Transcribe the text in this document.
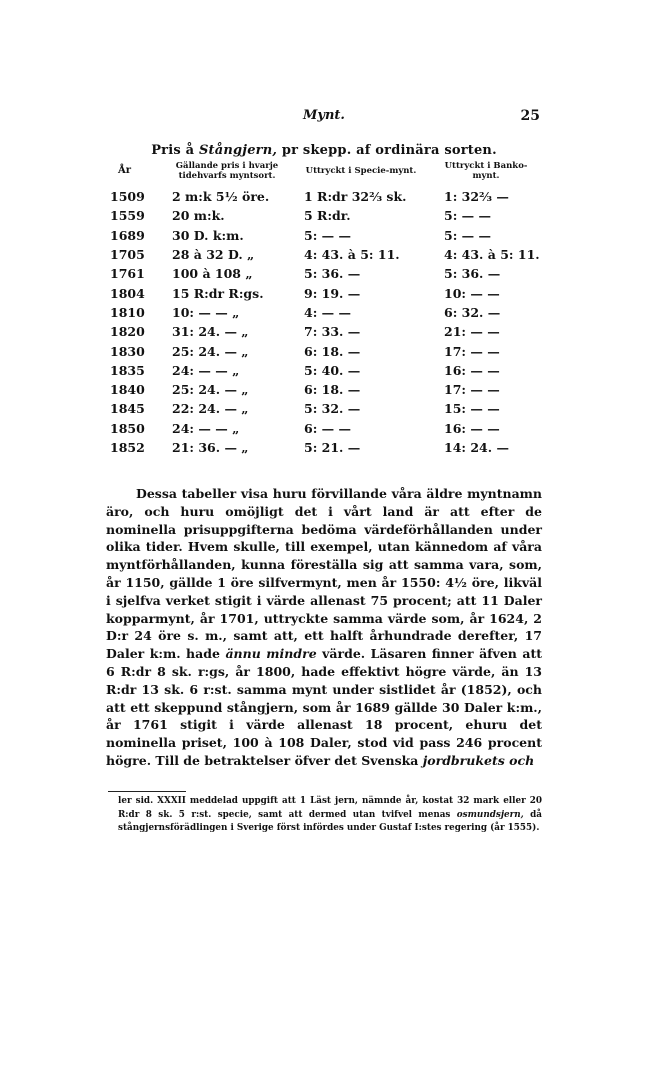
Mynt.	25
Pris å Stångjern, pr skepp. af ordinära sorten.
År	Gällande pris i hvarje tidehvarfs myntsort.	Uttryckt i Specie-mynt.	Uttryckt i Banko-mynt.
1509	2 m:k 5½ öre.	1 R:dr 32⅔ sk.	1: 32⅔ —
1559	20 m:k.	5 R:dr.	5: — —
1689	30 D. k:m.	5: — —	5: — —
1705	28 à 32 D. „	4: 43. à 5: 11.	4: 43. à 5: 11.
1761	100 à 108 „	5: 36. —	5: 36. —
1804	15 R:dr R:gs.	9: 19. —	10: — —
1810	10: — — „	4: — —	6: 32. —
1820	31: 24. — „	7: 33. —	21: — —
1830	25: 24. — „	6: 18. —	17: — —
1835	24: — — „	5: 40. —	16: — —
1840	25: 24. — „	6: 18. —	17: — —
1845	22: 24. — „	5: 32. —	15: — —
1850	24: — — „	6: — —	16: — —
1852	21: 36. — „	5: 21. —	14: 24. —

Dessa tabeller visa huru förvillande våra äldre myntnamn äro, och huru omöjligt det i vårt land är att efter de nominella prisuppgifterna bedöma värdeförhållanden under olika tider. Hvem skulle, till exempel, utan kännedom af våra myntförhållanden, kunna föreställa sig att samma vara, som, år 1150, gällde 1 öre silfvermynt, men år 1550: 4½ öre, likväl i sjelfva verket stigit i värde allenast 75 procent; att 11 Daler kopparmynt, år 1701, uttryckte samma värde som, år 1624, 2 D:r 24 öre s. m., samt att, ett halft århundrade derefter, 17 Daler k:m. hade ännu mindre värde. Läsaren finner äfven att 6 R:dr 8 sk. r:gs, år 1800, hade effektivt högre värde, än 13 R:dr 13 sk. 6 r:st. samma mynt under sistlidet år (1852), och att ett skeppund stångjern, som år 1689 gällde 30 Daler k:m., år 1761 stigit i värde allenast 18 procent, ehuru det nominella priset, 100 à 108 Daler, stod vid pass 246 procent högre. Till de betraktelser öfver det Svenska jordbrukets och

ler sid. XXXII meddelad uppgift att 1 Läst jern, nämnde år, kostat 32 mark eller 20 R:dr 8 sk. 5 r:st. specie, samt att dermed utan tvifvel menas osmundsjern, då stångjernsförädlingen i Sverige först infördes under Gustaf I:stes regering (år 1555).
